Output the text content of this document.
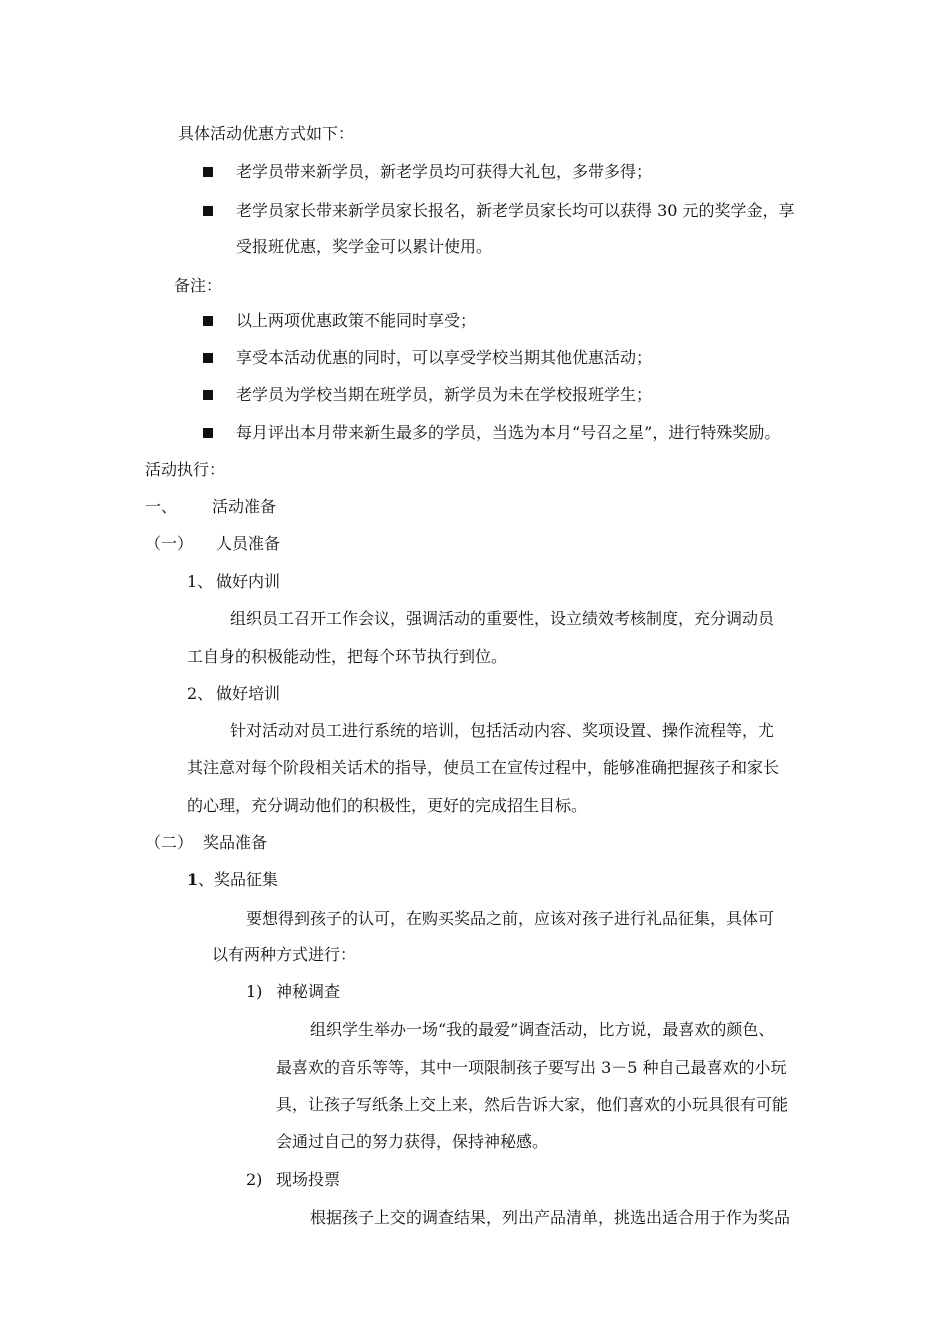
具体活动优惠方式如下：
老学员带来新学员，新老学员均可获得大礼包，多带多得；
老学员家长带来新学员家长报名，新老学员家长均可以获得 30 元的奖学金，享
受报班优惠，奖学金可以累计使用。
备注：
以上两项优惠政策不能同时享受；
享受本活动优惠的同时，可以享受学校当期其他优惠活动；
老学员为学校当期在班学员，新学员为未在学校报班学生；
每月评出本月带来新生最多的学员，当选为本月“号召之星”，进行特殊奖励。
活动执行：
一、 活动准备
（一） 人员准备
1、 做好内训
组织员工召开工作会议，强调活动的重要性，设立绩效考核制度，充分调动员
工自身的积极能动性，把每个环节执行到位。
2、 做好培训
针对活动对员工进行系统的培训，包括活动内容、奖项设置、操作流程等，尤
其注意对每个阶段相关话术的指导，使员工在宣传过程中，能够准确把握孩子和家长
的心理，充分调动他们的积极性，更好的完成招生目标。
（二） 奖品准备
1 、奖品征集
要想得到孩子的认可，在购买奖品之前，应该对孩子进行礼品征集，具体可
以有两种方式进行：
1) 神秘调查
组织学生举办一场“我的最爱”调查活动，比方说，最喜欢的颜色、
最喜欢的音乐等等，其中一项限制孩子要写出 3－5 种自己最喜欢的小玩
具，让孩子写纸条上交上来，然后告诉大家，他们喜欢的小玩具很有可能
会通过自己的努力获得，保持神秘感。
2) 现场投票
根据孩子上交的调查结果，列出产品清单，挑选出适合用于作为奖品
